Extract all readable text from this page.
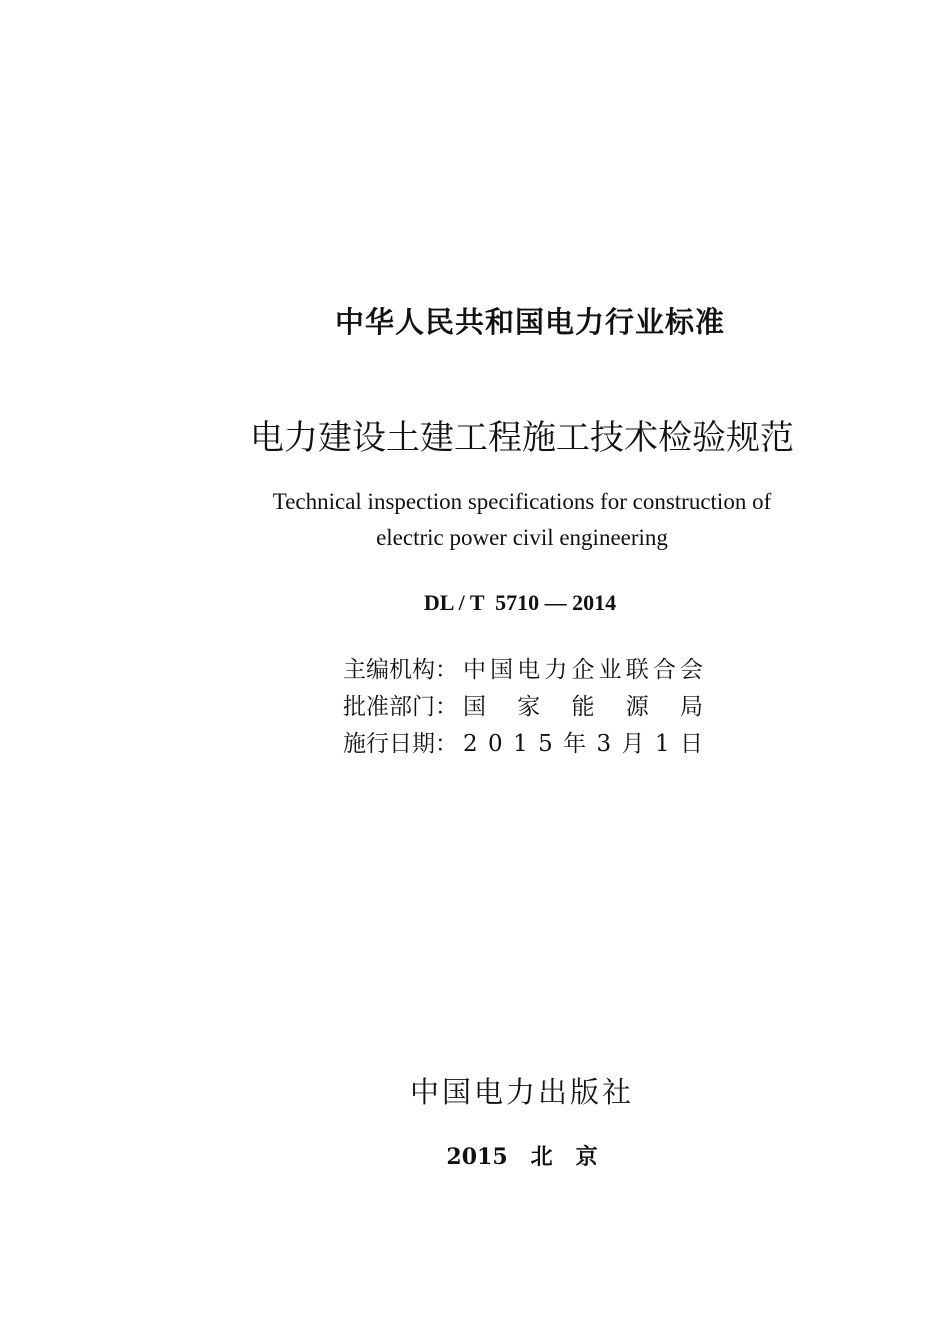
中华人民共和国电力行业标准
电力建设土建工程施工技术检验规范
Technical inspection specifications for construction of
electric power civil engineering
DL / T  5710 — 2014
主编机构： 中 国 电 力 企 业 联 合 会
批准部门： 国 家 能 源 局
施行日期： 2 0 1 5 年 3 月 1 日
中国电力出版社
2015   北   京
